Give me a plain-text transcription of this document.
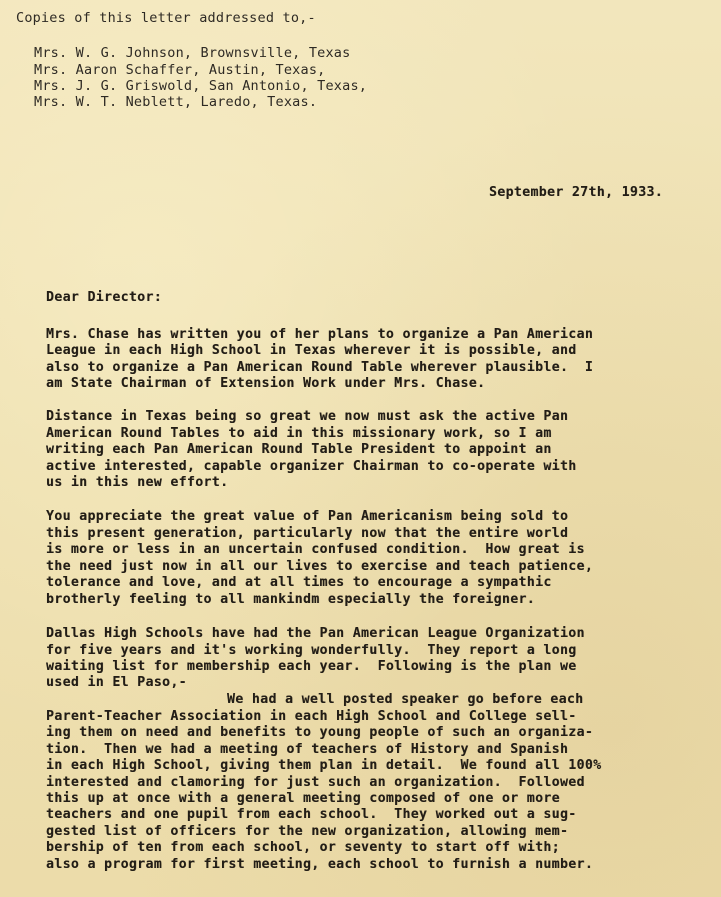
Copies of this letter addressed to,-
Mrs. W. G. Johnson, Brownsville, Texas
Mrs. Aaron Schaffer, Austin, Texas,
Mrs. J. G. Griswold, San Antonio, Texas,
Mrs. W. T. Neblett, Laredo, Texas.
September 27th, 1933.
Dear Director:
Mrs. Chase has written you of her plans to organize a Pan American
League in each High School in Texas wherever it is possible, and
also to organize a Pan American Round Table wherever plausible.  I
am State Chairman of Extension Work under Mrs. Chase.
Distance in Texas being so great we now must ask the active Pan
American Round Tables to aid in this missionary work, so I am
writing each Pan American Round Table President to appoint an
active interested, capable organizer Chairman to co-operate with
us in this new effort.
You appreciate the great value of Pan Americanism being sold to
this present generation, particularly now that the entire world
is more or less in an uncertain confused condition.  How great is
the need just now in all our lives to exercise and teach patience,
tolerance and love, and at all times to encourage a sympathic
brotherly feeling to all mankindm especially the foreigner.
Dallas High Schools have had the Pan American League Organization
for five years and it's working wonderfully.  They report a long
waiting list for membership each year.  Following is the plan we
used in El Paso,-
We had a well posted speaker go before each
Parent-Teacher Association in each High School and College sell-
ing them on need and benefits to young people of such an organiza-
tion.  Then we had a meeting of teachers of History and Spanish
in each High School, giving them plan in detail.  We found all 100%
interested and clamoring for just such an organization.  Followed
this up at once with a general meeting composed of one or more
teachers and one pupil from each school.  They worked out a sug-
gested list of officers for the new organization, allowing mem-
bership of ten from each school, or seventy to start off with;
also a program for first meeting, each school to furnish a number.
